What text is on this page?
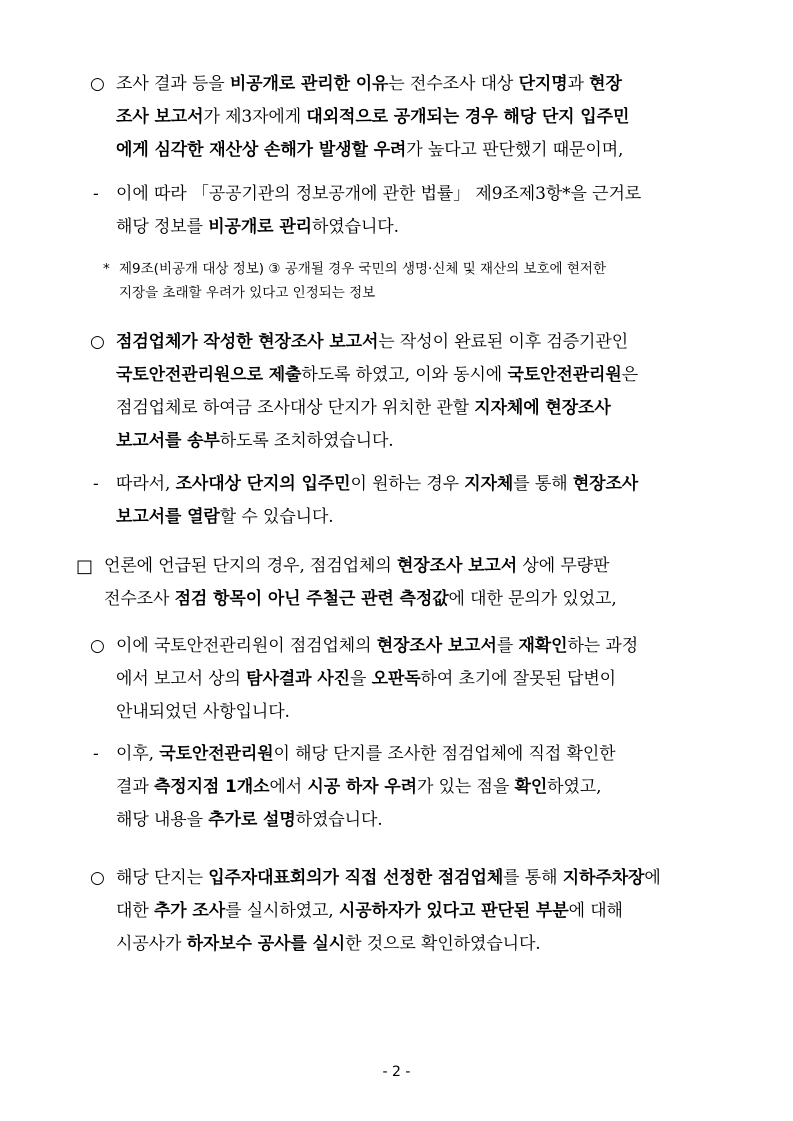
○ 조사 결과 등을 비공개로 관리한 이유는 전수조사 대상 단지명과 현장
조사 보고서가 제3자에게 대외적으로 공개되는 경우 해당 단지 입주민
에게 심각한 재산상 손해가 발생할 우려가 높다고 판단했기 때문이며,
- 이에 따라 「공공기관의 정보공개에 관한 법률」 제9조제3항*을 근거로
해당 정보를 비공개로 관리하였습니다.
* 제9조(비공개 대상 정보) ③ 공개될 경우 국민의 생명·신체 및 재산의 보호에 현저한
지장을 초래할 우려가 있다고 인정되는 정보
○ 점검업체가 작성한 현장조사 보고서는 작성이 완료된 이후 검증기관인
국토안전관리원으로 제출하도록 하였고, 이와 동시에 국토안전관리원은
점검업체로 하여금 조사대상 단지가 위치한 관할 지자체에 현장조사
보고서를 송부하도록 조치하였습니다.
- 따라서, 조사대상 단지의 입주민이 원하는 경우 지자체를 통해 현장조사
보고서를 열람할 수 있습니다.
□ 언론에 언급된 단지의 경우, 점검업체의 현장조사 보고서 상에 무량판
전수조사 점검 항목이 아닌 주철근 관련 측정값에 대한 문의가 있었고,
○ 이에 국토안전관리원이 점검업체의 현장조사 보고서를 재확인하는 과정
에서 보고서 상의 탐사결과 사진을 오판독하여 초기에 잘못된 답변이
안내되었던 사항입니다.
- 이후, 국토안전관리원이 해당 단지를 조사한 점검업체에 직접 확인한
결과 측정지점 1개소에서 시공 하자 우려가 있는 점을 확인하였고,
해당 내용을 추가로 설명하였습니다.
○ 해당 단지는 입주자대표회의가 직접 선정한 점검업체를 통해 지하주차장에
대한 추가 조사를 실시하였고, 시공하자가 있다고 판단된 부분에 대해
시공사가 하자보수 공사를 실시한 것으로 확인하였습니다.
- 2 -
